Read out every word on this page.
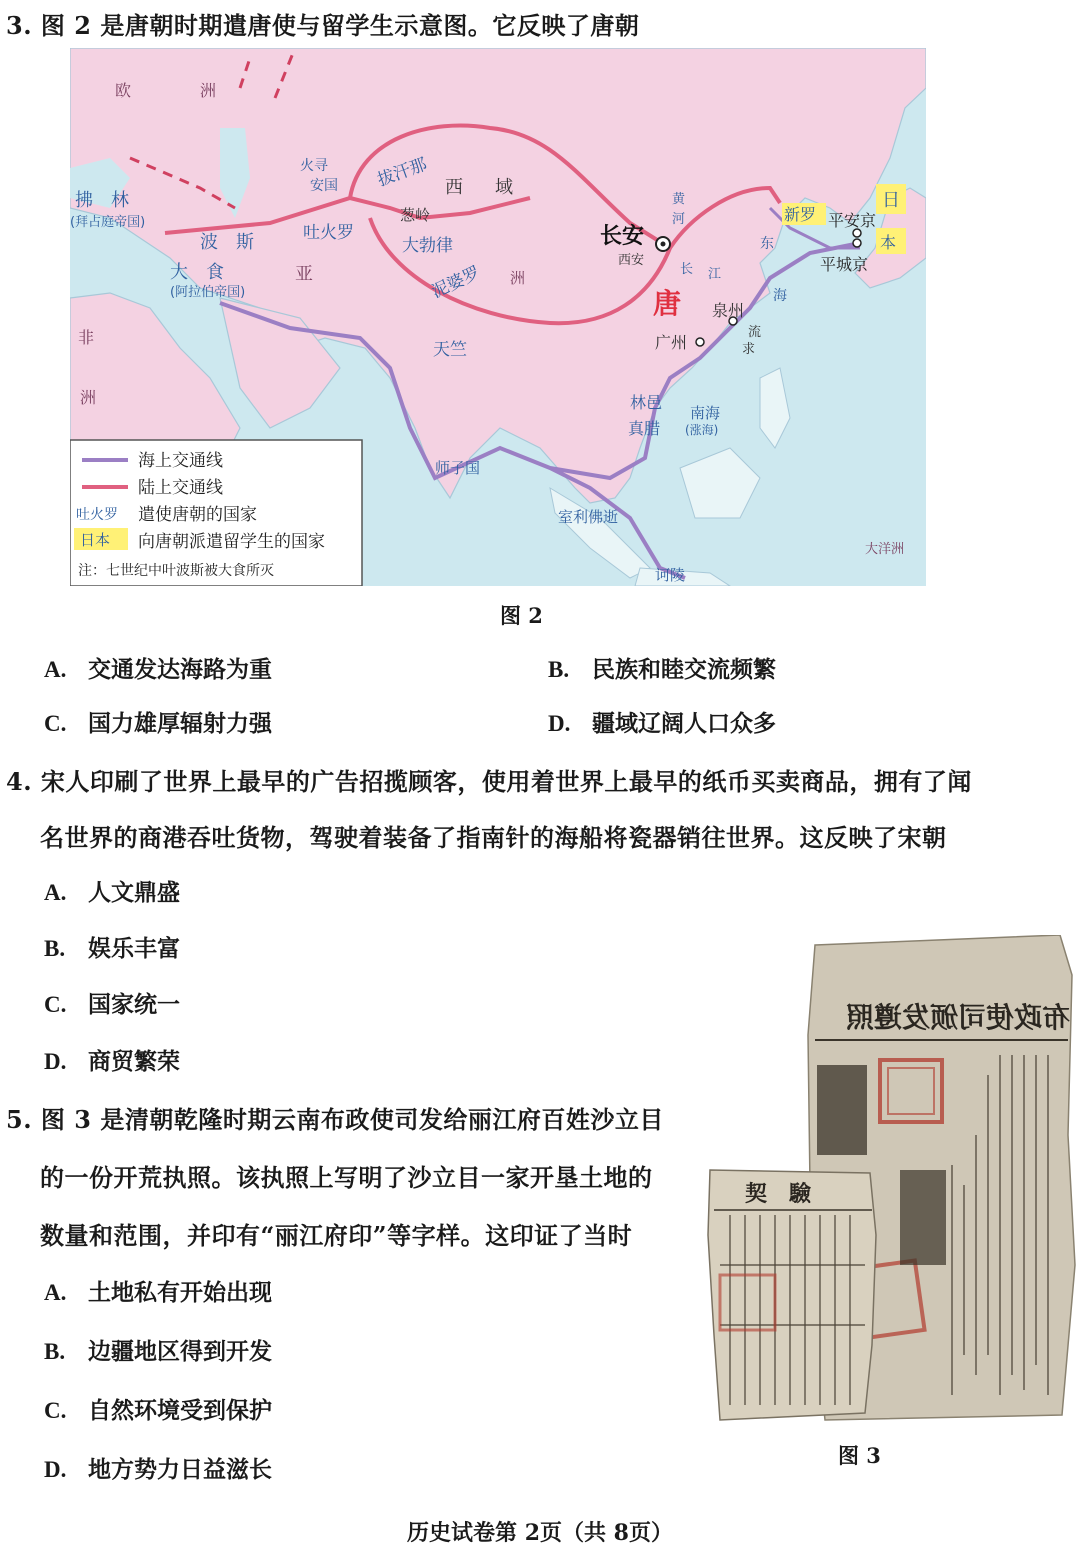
3. 图 2 是唐朝时期遣唐使与留学生示意图。它反映了唐朝
欧	洲
拂　林
(拜占庭帝国)
波　斯
大　食	亚
(阿拉伯帝国)
非
洲
火寻
安国
吐火罗
拔汗那
葱岭
大勃律
泥婆罗
西 域
洲
天竺
长安
西安
唐
黄
河
长 江
泉州
广州
流
求
东
海
新罗 平安京
平城京
日
本
林邑
真腊
南海
(涨海)
师子国
室利佛逝
诃陵
大洋洲
吐火罗
日本
海上交通线
陆上交通线
遣使唐朝的国家
向唐朝派遣留学生的国家
注：七世纪中叶波斯被大食所灭
图 2
A. 交通发达海路为重	B. 民族和睦交流频繁
C. 国力雄厚辐射力强	D. 疆域辽阔人口众多
4. 宋人印刷了世界上最早的广告招揽顾客，使用着世界上最早的纸币买卖商品，拥有了闻
名世界的商港吞吐货物，驾驶着装备了指南针的海船将瓷器销往世界。这反映了宋朝
A. 人文鼎盛
B. 娱乐丰富
C. 国家统一
D. 商贸繁荣
5. 图 3 是清朝乾隆时期云南布政使司发给丽江府百姓沙立目
的一份开荒执照。该执照上写明了沙立目一家开垦土地的
数量和范围，并印有“丽江府印”等字样。这印证了当时
A. 土地私有开始出现
B. 边疆地区得到开发
C. 自然环境受到保护
D. 地方势力日益滋长
布政使司颁发遵照
契　驗
图 3
历史试卷第 2页（共 8页）
